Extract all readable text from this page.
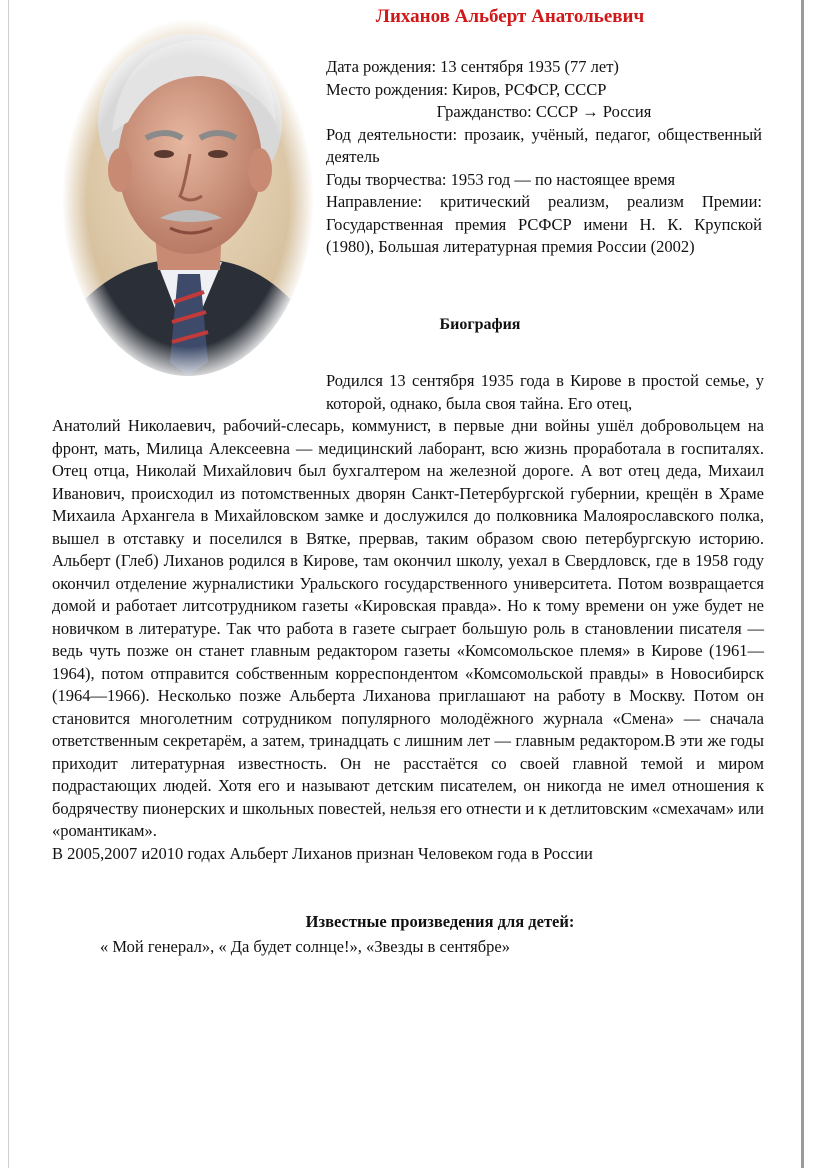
Лиханов Альберт Анатольевич

Дата рождения: 13 сентября 1935 (77 лет)

Место рождения: Киров, РСФСР, СССР

Гражданство: СССР → Россия

Род деятельности: прозаик, учёный, педагог, общественный деятель

Годы творчества: 1953 год — по настоящее время

Направление: критический реализм, реализм Премии: Государственная премия РСФСР имени Н. К. Крупской (1980), Большая литературная премия России (2002)

Биография

Родился 13 сентября 1935 года в Кирове в простой семье, у которой, однако, была своя тайна. Его отец,

Анатолий Николаевич, рабочий-слесарь, коммунист, в первые дни войны ушёл добровольцем на фронт, мать, Милица Алексеевна — медицинский лаборант, всю жизнь проработала в госпиталях. Отец отца, Николай Михайлович был бухгалтером на железной дороге. А вот отец деда, Михаил Иванович, происходил из потомственных дворян Санкт-Петербургской губернии, крещён в Храме Михаила Архангела в Михайловском замке и дослужился до полковника Малоярославского полка, вышел в отставку и поселился в Вятке, прервав, таким образом свою петербургскую историю. Альберт (Глеб) Лиханов родился в Кирове, там окончил школу, уехал в Свердловск, где в 1958 году окончил отделение журналистики Уральского государственного университета. Потом возвращается домой и работает литсотрудником газеты «Кировская правда». Но к тому времени он уже будет не новичком в литературе. Так что работа в газете сыграет большую роль в становлении писателя — ведь чуть позже он станет главным редактором газеты «Комсомольское племя» в Кирове (1961—1964), потом отправится собственным корреспондентом «Комсомольской правды» в Новосибирск (1964—1966). Несколько позже Альберта Лиханова приглашают на работу в Москву. Потом он становится многолетним сотрудником популярного молодёжного журнала «Смена» — сначала ответственным секретарём, а затем, тринадцать с лишним лет — главным редактором.В эти же годы приходит литературная известность. Он не расстаётся со своей главной темой и миром подрастающих людей. Хотя его и называют детским писателем, он никогда не имел отношения к бодрячеству пионерских и школьных повестей, нельзя его отнести и к детлитовским «смехачам» или «романтикам».

В 2005,2007 и2010 годах Альберт Лиханов признан Человеком года в России

Известные произведения для детей:
« Мой генерал», « Да будет солнце!», «Звезды в сентябре»
